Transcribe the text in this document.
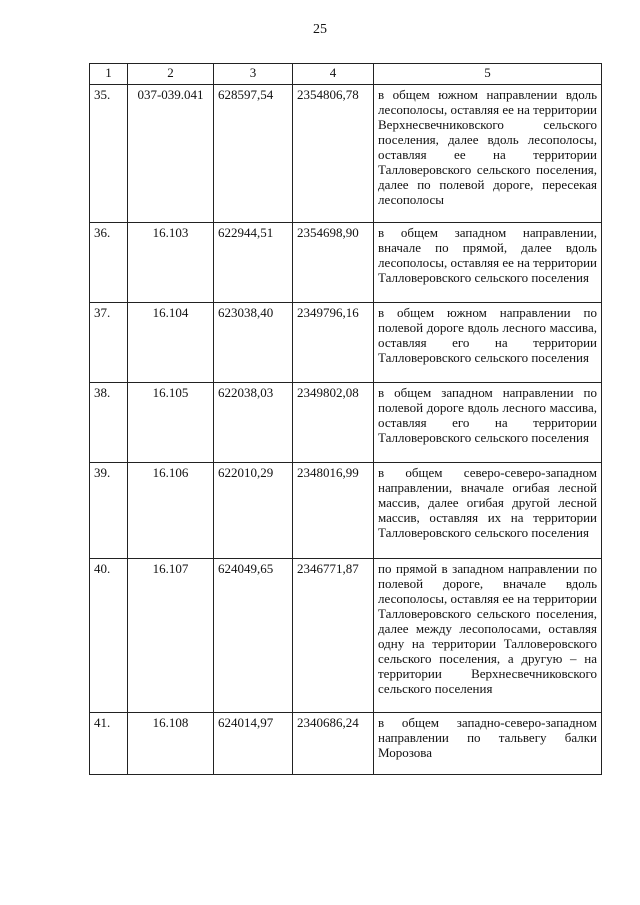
25
1	2	3	4	5
35.	037-039.041	628597,54	2354806,78	в общем южном направлении вдоль лесополосы, оставляя ее на территории Верхнесвечниковского сельского поселения, далее вдоль лесополосы, оставляя ее на территории Талловеровского сельского поселения, далее по полевой дороге, пересекая лесополосы
36.	16.103	622944,51	2354698,90	в общем западном направлении, вначале по прямой, далее вдоль лесополосы, оставляя ее на территории Талловеровского сельского поселения
37.	16.104	623038,40	2349796,16	в общем южном направлении по полевой дороге вдоль лесного массива, оставляя его на территории Талловеровского сельского поселения
38.	16.105	622038,03	2349802,08	в общем западном направлении по полевой дороге вдоль лесного массива, оставляя его на территории Талловеровского сельского поселения
39.	16.106	622010,29	2348016,99	в общем северо-северо-западном направлении, вначале огибая лесной массив, далее огибая другой лесной массив, оставляя их на территории Талловеровского сельского поселения
40.	16.107	624049,65	2346771,87	по прямой в западном направлении по полевой дороге, вначале вдоль лесополосы, оставляя ее на территории Талловеровского сельского поселения, далее между лесополосами, оставляя одну на территории Талловеровского сельского поселения, а другую – на территории Верхнесвечниковского сельского поселения
41.	16.108	624014,97	2340686,24	в общем западно-северо-западном направлении по тальвегу балки Морозова
